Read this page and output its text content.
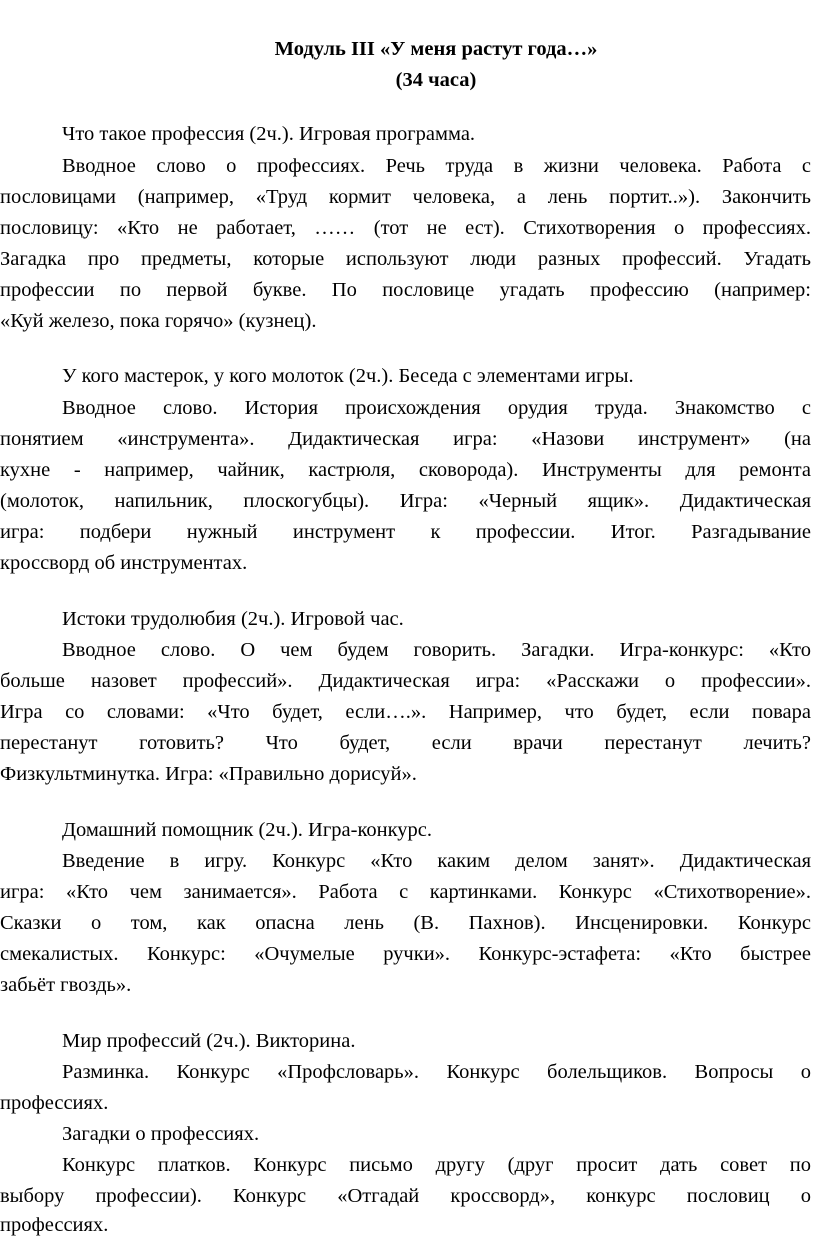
Модуль III «У меня растут года…»
(34 часа)
Что такое профессия (2ч.). Игровая программа.
Вводное слово о профессиях. Речь труда в жизни человека. Работа с
пословицами (например, «Труд кормит человека, а лень портит..»). Закончить
пословицу: «Кто не работает, …… (тот не ест). Стихотворения о профессиях.
Загадка про предметы, которые используют люди разных профессий. Угадать
профессии по первой букве. По пословице угадать профессию (например:
«Куй железо, пока горячо» (кузнец).
У кого мастерок, у кого молоток (2ч.). Беседа с элементами игры.
Вводное слово. История происхождения орудия труда. Знакомство с
понятием «инструмента». Дидактическая игра: «Назови инструмент» (на
кухне - например, чайник, кастрюля, сковорода). Инструменты для ремонта
(молоток, напильник, плоскогубцы). Игра: «Черный ящик». Дидактическая
игра: подбери нужный инструмент к профессии. Итог. Разгадывание
кроссворд об инструментах.
Истоки трудолюбия (2ч.). Игровой час.
Вводное слово. О чем будем говорить. Загадки. Игра-конкурс: «Кто
больше назовет профессий». Дидактическая игра: «Расскажи о профессии».
Игра со словами: «Что будет, если….». Например, что будет, если повара
перестанут готовить? Что будет, если врачи перестанут лечить?
Физкультминутка. Игра: «Правильно дорисуй».
Домашний помощник (2ч.). Игра-конкурс.
Введение в игру. Конкурс «Кто каким делом занят». Дидактическая
игра: «Кто чем занимается». Работа с картинками. Конкурс «Стихотворение».
Сказки о том, как опасна лень (В. Пахнов). Инсценировки. Конкурс
смекалистых. Конкурс: «Очумелые ручки». Конкурс-эстафета: «Кто быстрее
забьёт гвоздь».
Мир профессий (2ч.). Викторина.
Разминка. Конкурс «Профсловарь». Конкурс болельщиков. Вопросы о
профессиях.
Загадки о профессиях.
Конкурс платков. Конкурс письмо другу (друг просит дать совет по
выбору профессии). Конкурс «Отгадай кроссворд», конкурс пословиц о
профессиях.
